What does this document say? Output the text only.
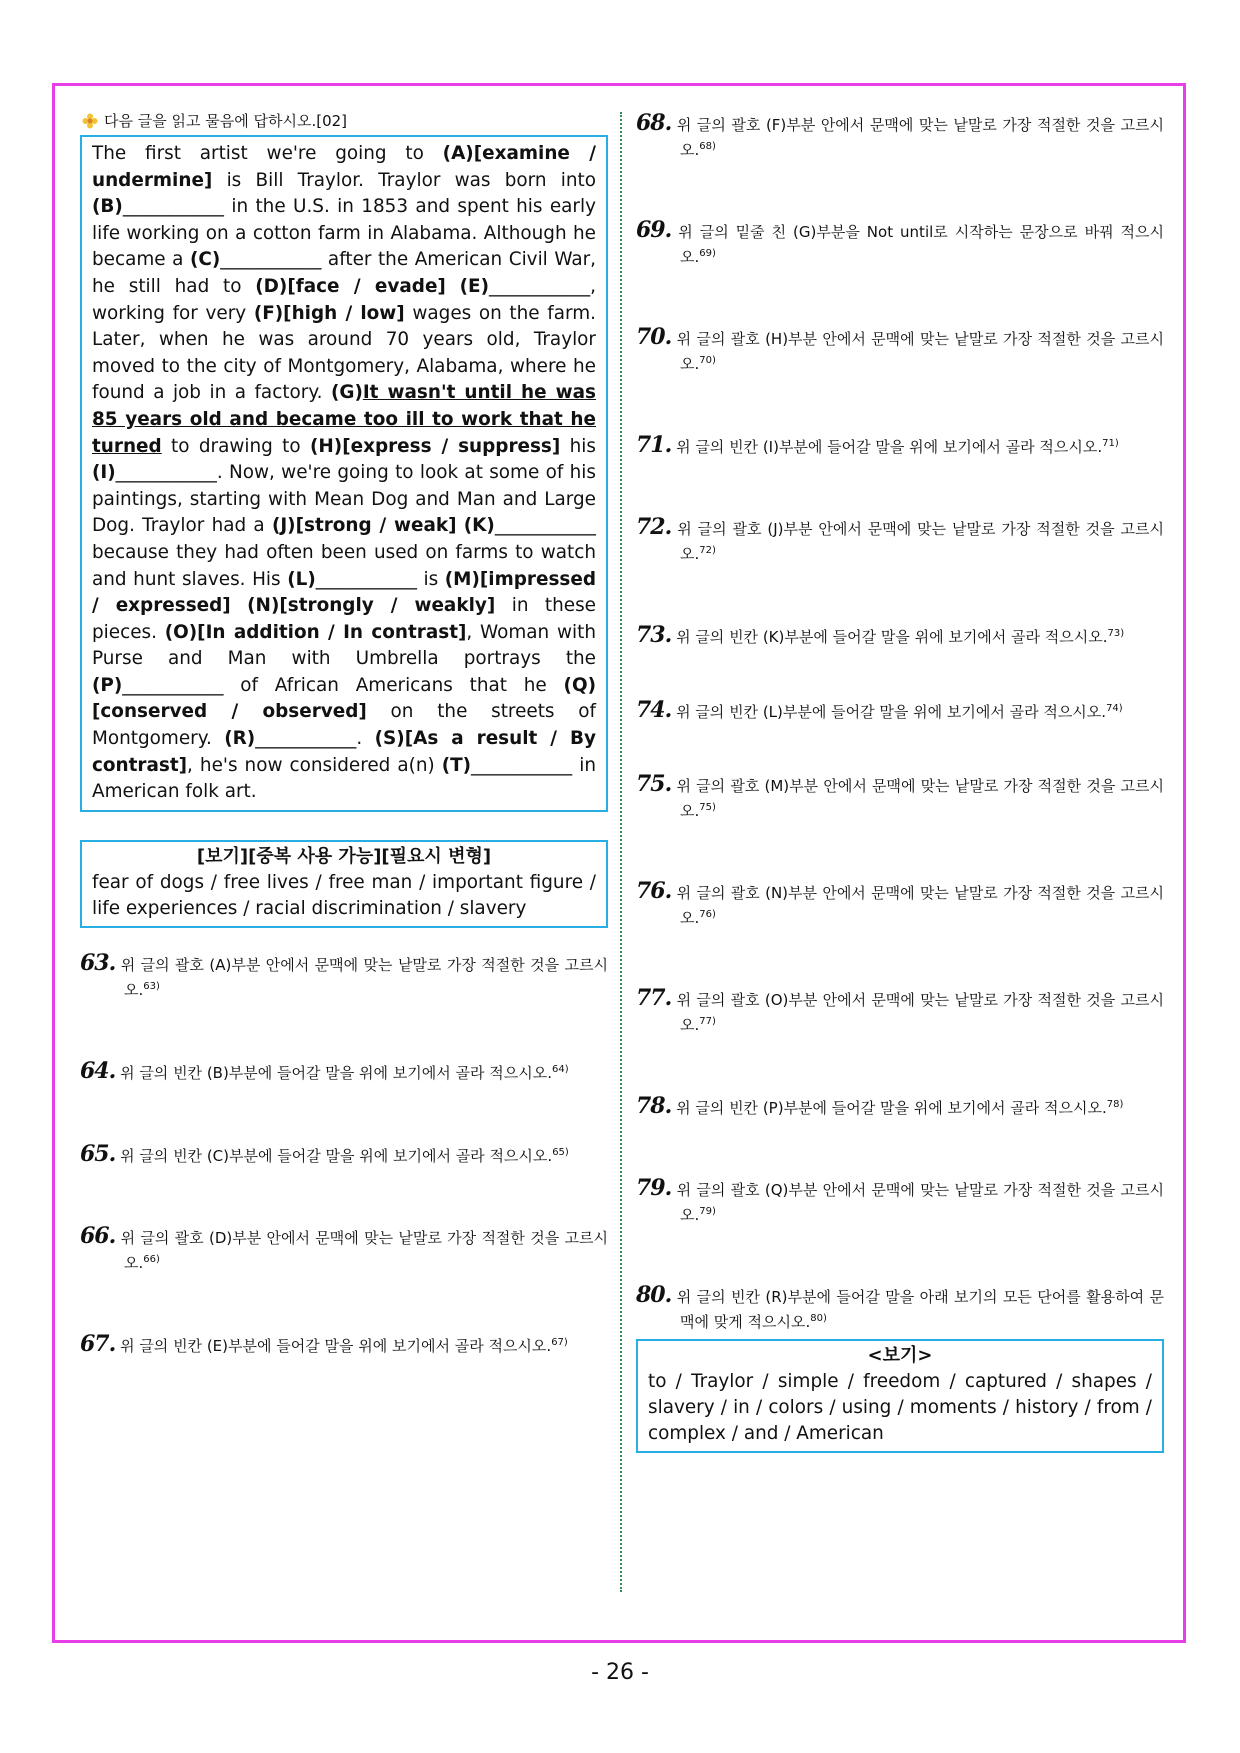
다음 글을 읽고 물음에 답하시오.[02]
The first artist we're going to (A)[examine / undermine] is Bill Traylor. Traylor was born into (B)___________ in the U.S. in 1853 and spent his early life working on a cotton farm in Alabama. Although he became a (C)___________ after the American Civil War, he still had to (D)[face / evade] (E)___________, working for very (F)[high / low] wages on the farm. Later, when he was around 70 years old, Traylor moved to the city of Montgomery, Alabama, where he found a job in a factory. (G)It wasn't until he was 85 years old and became too ill to work that he turned to drawing to (H)[express / suppress] his (I)___________. Now, we're going to look at some of his paintings, starting with Mean Dog and Man and Large Dog. Traylor had a (J)[strong / weak] (K)___________ because they had often been used on farms to watch and hunt slaves. His (L)___________ is (M)[impressed / expressed] (N)[strongly / weakly] in these pieces. (O)[In addition / In contrast], Woman with Purse and Man with Umbrella portrays the (P)___________ of African Americans that he (Q)[conserved / observed] on the streets of Montgomery. (R)___________. (S)[As a result / By contrast], he's now considered a(n) (T)___________ in American folk art.
[보기][중복 사용 가능][필요시 변형]
fear of dogs / free lives / free man / important figure / life experiences / racial discrimination / slavery
63. 위 글의 괄호 (A)부분 안에서 문맥에 맞는 낱말로 가장 적절한 것을 고르시오.$^{63)}$
64. 위 글의 빈칸 (B)부분에 들어갈 말을 위에 보기에서 골라 적으시오.$^{64)}$
65. 위 글의 빈칸 (C)부분에 들어갈 말을 위에 보기에서 골라 적으시오.$^{65)}$
66. 위 글의 괄호 (D)부분 안에서 문맥에 맞는 낱말로 가장 적절한 것을 고르시오.$^{66)}$
67. 위 글의 빈칸 (E)부분에 들어갈 말을 위에 보기에서 골라 적으시오.$^{67)}$
68. 위 글의 괄호 (F)부분 안에서 문맥에 맞는 낱말로 가장 적절한 것을 고르시오.$^{68)}$
69. 위 글의 밑줄 친 (G)부분을 Not until로 시작하는 문장으로 바꿔 적으시오.$^{69)}$
70. 위 글의 괄호 (H)부분 안에서 문맥에 맞는 낱말로 가장 적절한 것을 고르시오.$^{70)}$
71. 위 글의 빈칸 (I)부분에 들어갈 말을 위에 보기에서 골라 적으시오.$^{71)}$
72. 위 글의 괄호 (J)부분 안에서 문맥에 맞는 낱말로 가장 적절한 것을 고르시오.$^{72)}$
73. 위 글의 빈칸 (K)부분에 들어갈 말을 위에 보기에서 골라 적으시오.$^{73)}$
74. 위 글의 빈칸 (L)부분에 들어갈 말을 위에 보기에서 골라 적으시오.$^{74)}$
75. 위 글의 괄호 (M)부분 안에서 문맥에 맞는 낱말로 가장 적절한 것을 고르시오.$^{75)}$
76. 위 글의 괄호 (N)부분 안에서 문맥에 맞는 낱말로 가장 적절한 것을 고르시오.$^{76)}$
77. 위 글의 괄호 (O)부분 안에서 문맥에 맞는 낱말로 가장 적절한 것을 고르시오.$^{77)}$
78. 위 글의 빈칸 (P)부분에 들어갈 말을 위에 보기에서 골라 적으시오.$^{78)}$
79. 위 글의 괄호 (Q)부분 안에서 문맥에 맞는 낱말로 가장 적절한 것을 고르시오.$^{79)}$
80. 위 글의 빈칸 (R)부분에 들어갈 말을 아래 보기의 모든 단어를 활용하여 문맥에 맞게 적으시오.$^{80)}$
<보기>
to / Traylor / simple / freedom / captured / shapes / slavery / in / colors / using / moments / history / from / complex / and / American
- 26 -
